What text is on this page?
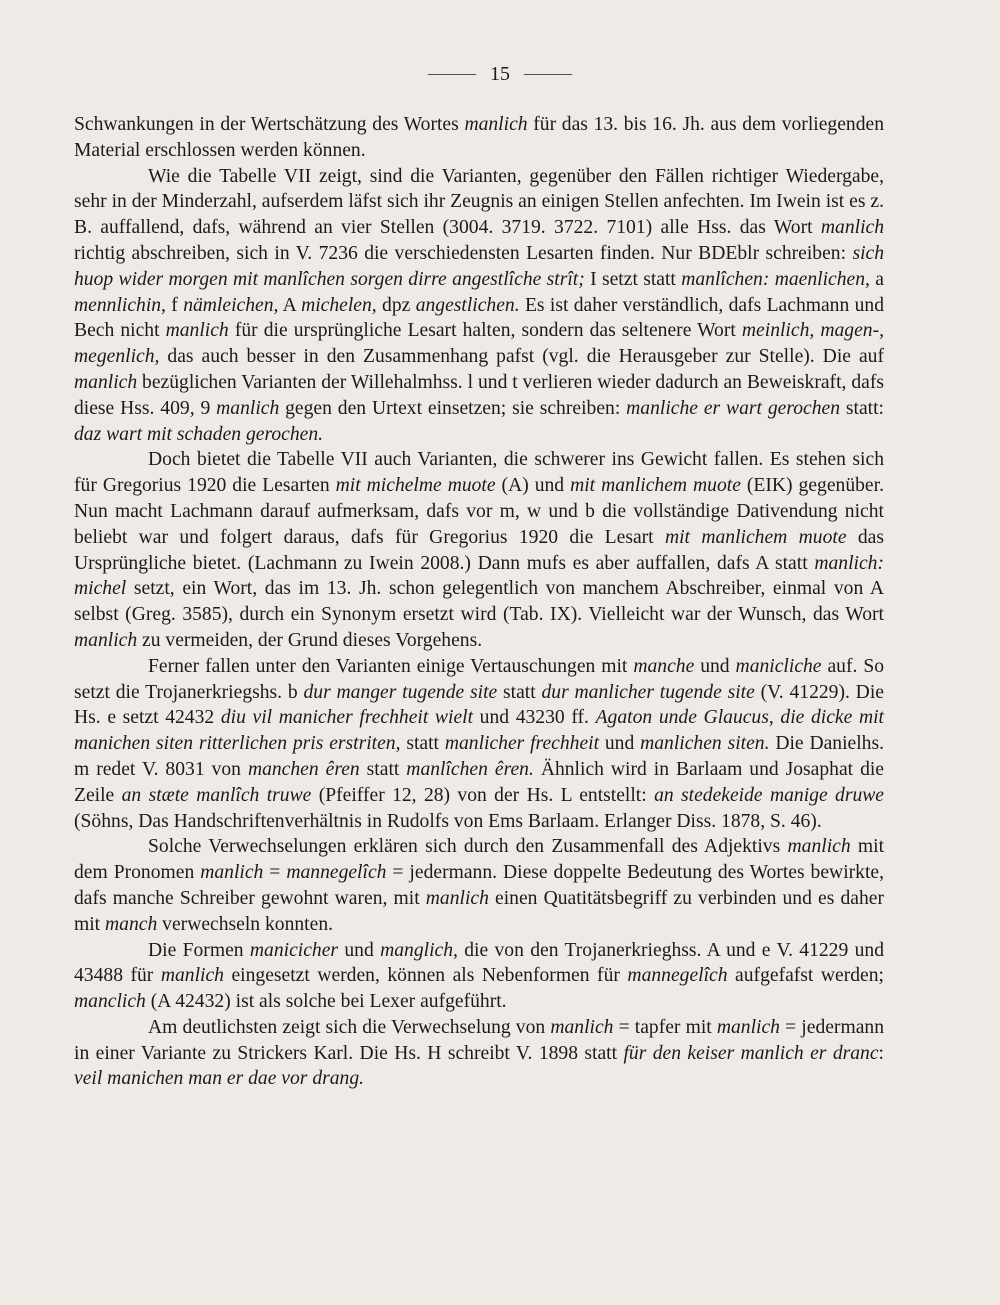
15

Schwankungen in der Wertschätzung des Wortes manlich für das 13. bis 16. Jh. aus dem vorliegenden Material erschlossen werden können.

Wie die Tabelle VII zeigt, sind die Varianten, gegenüber den Fällen richtiger Wiedergabe, sehr in der Minderzahl, aufserdem läfst sich ihr Zeugnis an einigen Stellen anfechten. Im Iwein ist es z. B. auffallend, dafs, während an vier Stellen (3004. 3719. 3722. 7101) alle Hss. das Wort manlich richtig abschreiben, sich in V. 7236 die verschiedensten Lesarten finden. Nur BDEblr schreiben: sich huop wider morgen mit manlîchen sorgen dirre angestlîche strît; I setzt statt manlîchen: maenlichen, a mennlichin, f nämleichen, A michelen, dpz angestlichen. Es ist daher verständlich, dafs Lachmann und Bech nicht manlich für die ursprüngliche Lesart halten, sondern das seltenere Wort meinlich, magen-, megenlich, das auch besser in den Zusammenhang pafst (vgl. die Herausgeber zur Stelle). Die auf manlich bezüglichen Varianten der Willehalmhss. l und t verlieren wieder dadurch an Beweiskraft, dafs diese Hss. 409, 9 manlich gegen den Urtext einsetzen; sie schreiben: manliche er wart gerochen statt: daz wart mit schaden gerochen.

Doch bietet die Tabelle VII auch Varianten, die schwerer ins Gewicht fallen. Es stehen sich für Gregorius 1920 die Lesarten mit michelme muote (A) und mit manlichem muote (EIK) gegenüber. Nun macht Lachmann darauf aufmerksam, dafs vor m, w und b die vollständige Dativendung nicht beliebt war und folgert daraus, dafs für Gregorius 1920 die Lesart mit manlichem muote das Ursprüngliche bietet. (Lachmann zu Iwein 2008.) Dann mufs es aber auffallen, dafs A statt manlich: michel setzt, ein Wort, das im 13. Jh. schon gelegentlich von manchem Abschreiber, einmal von A selbst (Greg. 3585), durch ein Synonym ersetzt wird (Tab. IX). Vielleicht war der Wunsch, das Wort manlich zu vermeiden, der Grund dieses Vorgehens.

Ferner fallen unter den Varianten einige Vertauschungen mit manche und manicliche auf. So setzt die Trojanerkriegshs. b dur manger tugende site statt dur manlicher tugende site (V. 41229). Die Hs. e setzt 42432 diu vil manicher frechheit wielt und 43230 ff. Agaton unde Glaucus, die dicke mit manichen siten ritterlichen pris erstriten, statt manlicher frechheit und manlichen siten. Die Danielhs. m redet V. 8031 von manchen êren statt manlîchen êren. Ähnlich wird in Barlaam und Josaphat die Zeile an stæte manlîch truwe (Pfeiffer 12, 28) von der Hs. L entstellt: an stedekeide manige druwe (Söhns, Das Handschriftenverhältnis in Rudolfs von Ems Barlaam. Erlanger Diss. 1878, S. 46).

Solche Verwechselungen erklären sich durch den Zusammenfall des Adjektivs manlich mit dem Pronomen manlich = mannegelîch = jedermann. Diese doppelte Bedeutung des Wortes bewirkte, dafs manche Schreiber gewohnt waren, mit manlich einen Quatitätsbegriff zu verbinden und es daher mit manch verwechseln konnten.

Die Formen manicicher und manglich, die von den Trojanerkrieghss. A und e V. 41229 und 43488 für manlich eingesetzt werden, können als Nebenformen für mannegelîch aufgefafst werden; manclich (A 42432) ist als solche bei Lexer aufgeführt.

Am deutlichsten zeigt sich die Verwechselung von manlich = tapfer mit manlich = jedermann in einer Variante zu Strickers Karl. Die Hs. H schreibt V. 1898 statt für den keiser manlich er dranc: veil manichen man er dae vor drang.
